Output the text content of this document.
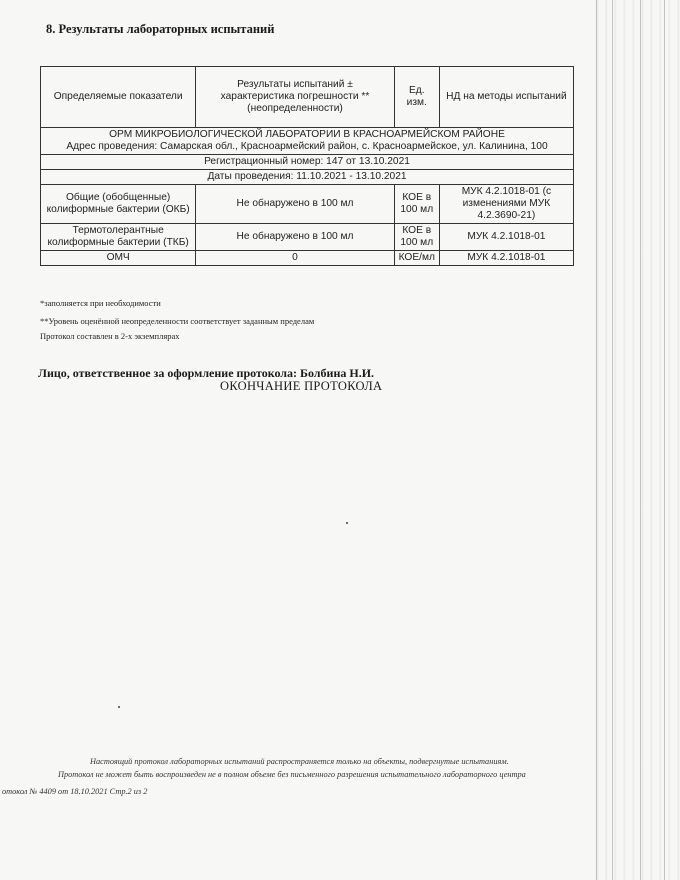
8. Результаты лабораторных испытаний
Определяемые показатели	Результаты испытаний ± характеристика погрешности **(неопределенности)	Ед. изм.	НД на методы испытаний
ОРМ МИКРОБИОЛОГИЧЕСКОЙ ЛАБОРАТОРИИ В КРАСНОАРМЕЙСКОМ РАЙОНЕ
Адрес проведения: Самарская обл., Красноармейский район, с. Красноармейское, ул. Калинина, 100			
Регистрационный номер: 147 от 13.10.2021			
Даты проведения: 11.10.2021 - 13.10.2021			
Общие (обобщенные) колиформные бактерии (ОКБ)	Не обнаружено в 100 мл	КОЕ в 100 мл	МУК 4.2.1018-01 (с изменениями МУК 4.2.3690-21)
Термотолерантные колиформные бактерии (ТКБ)	Не обнаружено в 100 мл	КОЕ в 100 мл	МУК 4.2.1018-01
ОМЧ	0	КОЕ/мл	МУК 4.2.1018-01
*заполняется при необходимости
**Уровень оценённой неопределенности соответствует заданным пределам
Протокол составлен в 2-х экземплярах
Лицо, ответственное за оформление протокола: Болбина Н.И.
ОКОНЧАНИЕ ПРОТОКОЛА
Настоящий протокол лабораторных испытаний распространяется только на объекты, подвергнутые испытаниям.
Протокол не может быть воспроизведен не в полном объеме без письменного разрешения испытательного лабораторного центра
отокол № 4409 от 18.10.2021 Стр.2 из 2
